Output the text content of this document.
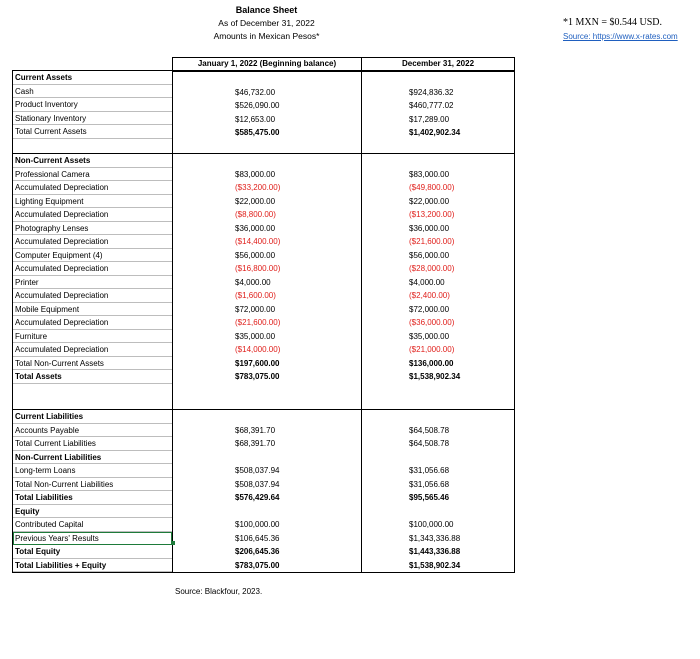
Balance Sheet
As of December 31, 2022
Amounts in Mexican Pesos*
*1 MXN = $0.544 USD.
Source: https://www.x-rates.com
Current Assets
Cash
Product Inventory
Stationary Inventory
Total Current Assets
Non-Current Assets
Professional Camera
Accumulated Depreciation
Lighting Equipment
Accumulated Depreciation
Photography Lenses
Accumulated Depreciation
Computer Equipment (4)
Accumulated Depreciation
Printer
Accumulated Depreciation
Mobile Equipment
Accumulated Depreciation
Furniture
Accumulated Depreciation
Total Non-Current Assets
Total Assets
Current Liabilities
Accounts Payable
Total Current Liabilities
Non-Current Liabilities
Long-term Loans
Total Non-Current Liabilities
Total Liabilities
Equity
Contributed Capital
Previous Years' Results
Total Equity
Total Liabilities + Equity
January 1, 2022 (Beginning balance)
$46,732.00
$526,090.00
$12,653.00
$585,475.00
$83,000.00
($33,200.00)
$22,000.00
($8,800.00)
$36,000.00
($14,400.00)
$56,000.00
($16,800.00)
$4,000.00
($1,600.00)
$72,000.00
($21,600.00)
$35,000.00
($14,000.00)
$197,600.00
$783,075.00
$68,391.70
$68,391.70
$508,037.94
$508,037.94
$576,429.64
$100,000.00
$106,645.36
$206,645.36
$783,075.00
December 31, 2022
$924,836.32
$460,777.02
$17,289.00
$1,402,902.34
$83,000.00
($49,800.00)
$22,000.00
($13,200.00)
$36,000.00
($21,600.00)
$56,000.00
($28,000.00)
$4,000.00
($2,400.00)
$72,000.00
($36,000.00)
$35,000.00
($21,000.00)
$136,000.00
$1,538,902.34
$64,508.78
$64,508.78
$31,056.68
$31,056.68
$95,565.46
$100,000.00
$1,343,336.88
$1,443,336.88
$1,538,902.34
Source: Blackfour, 2023.
